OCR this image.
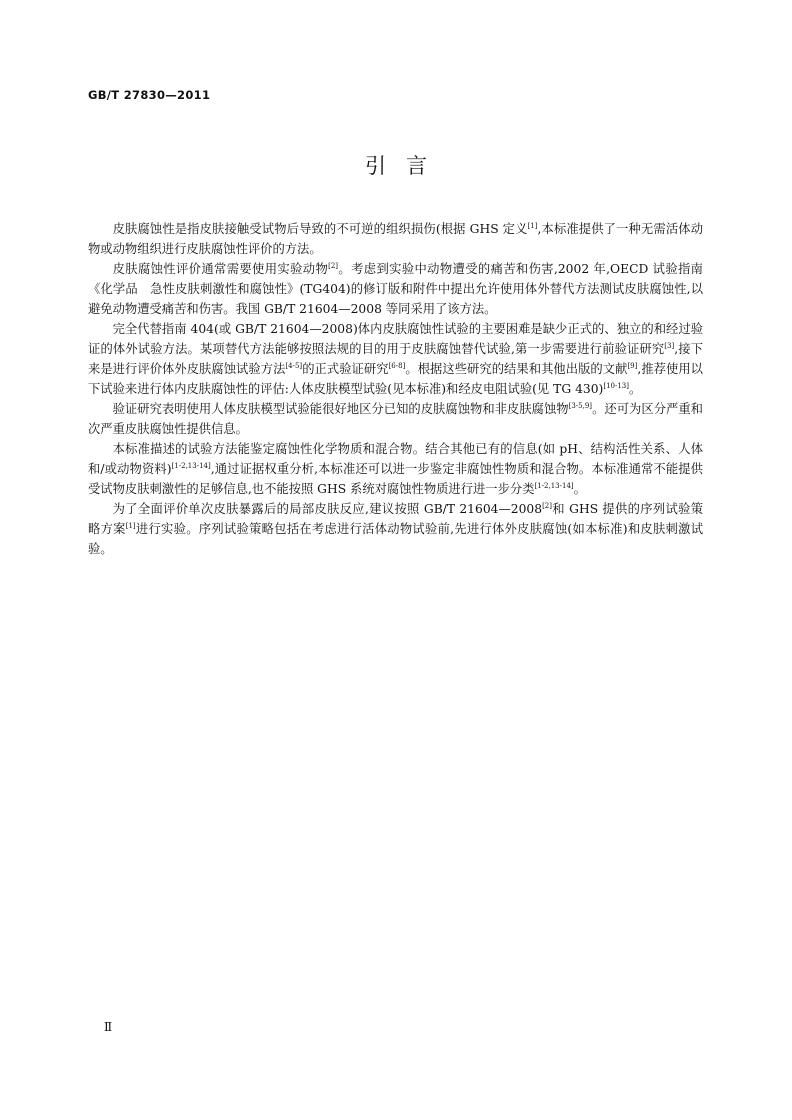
GB/T 27830—2011
引 言

皮肤腐蚀性是指皮肤接触受试物后导致的不可逆的组织损伤(根据 GHS 定义[1],本标准提供了一种无需活体动物或动物组织进行皮肤腐蚀性评价的方法。

皮肤腐蚀性评价通常需要使用实验动物[2]。考虑到实验中动物遭受的痛苦和伤害,2002 年,OECD 试验指南《化学品　急性皮肤刺激性和腐蚀性》(TG404)的修订版和附件中提出允许使用体外替代方法测试皮肤腐蚀性,以避免动物遭受痛苦和伤害。我国 GB/T 21604—2008 等同采用了该方法。

完全代替指南 404(或 GB/T 21604—2008)体内皮肤腐蚀性试验的主要困难是缺少正式的、独立的和经过验证的体外试验方法。某项替代方法能够按照法规的目的用于皮肤腐蚀替代试验,第一步需要进行前验证研究[3],接下来是进行评价体外皮肤腐蚀试验方法[4-5]的正式验证研究[6-8]。根据这些研究的结果和其他出版的文献[9],推荐使用以下试验来进行体内皮肤腐蚀性的评估:人体皮肤模型试验(见本标准)和经皮电阻试验(见 TG 430)[10-13]。

验证研究表明使用人体皮肤模型试验能很好地区分已知的皮肤腐蚀物和非皮肤腐蚀物[3-5,9]。还可为区分严重和次严重皮肤腐蚀性提供信息。

本标准描述的试验方法能鉴定腐蚀性化学物质和混合物。结合其他已有的信息(如 pH、结构活性关系、人体和/或动物资料)[1-2,13-14],通过证据权重分析,本标准还可以进一步鉴定非腐蚀性物质和混合物。本标准通常不能提供受试物皮肤刺激性的足够信息,也不能按照 GHS 系统对腐蚀性物质进行进一步分类[1-2,13-14]。

为了全面评价单次皮肤暴露后的局部皮肤反应,建议按照 GB/T 21604—2008[2]和 GHS 提供的序列试验策略方案[1]进行实验。序列试验策略包括在考虑进行活体动物试验前,先进行体外皮肤腐蚀(如本标准)和皮肤刺激试验。

Ⅱ
